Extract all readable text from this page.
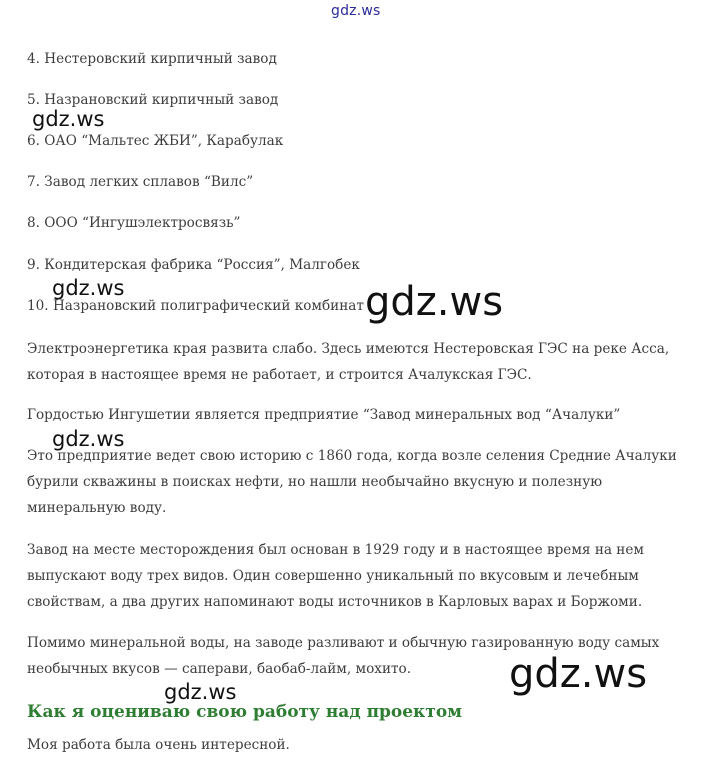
gdz.ws
4. Нестеровский кирпичный завод
5. Назрановский кирпичный завод
6. ОАО “Мальтес ЖБИ”, Карабулак
7. Завод легких сплавов “Вилс”
8. ООО “Ингушэлектросвязь”
9. Кондитерская фабрика “Россия”, Малгобек
10. Назрановский полиграфический комбинат
Электроэнергетика края развита слабо. Здесь имеются Нестеровская ГЭС на реке Асса,
которая в настоящее время не работает, и строится Ачалукская ГЭС.
Гордостью Ингушетии является предприятие “Завод минеральных вод “Ачалуки”
Это предприятие ведет свою историю с 1860 года, когда возле селения Средние Ачалуки
бурили скважины в поисках нефти, но нашли необычайно вкусную и полезную
минеральную воду.
Завод на месте месторождения был основан в 1929 году и в настоящее время на нем
выпускают воду трех видов. Один совершенно уникальный по вкусовым и лечебным
свойствам, а два других напоминают воды источников в Карловых варах и Боржоми.
Помимо минеральной воды, на заводе разливают и обычную газированную воду самых
необычных вкусов — саперави, баобаб-лайм, мохито.
Как я оцениваю свою работу над проектом
Моя работа была очень интересной.
gdz.ws
gdz.ws	gdz.ws
gdz.ws
gdz.ws
gdz.ws
